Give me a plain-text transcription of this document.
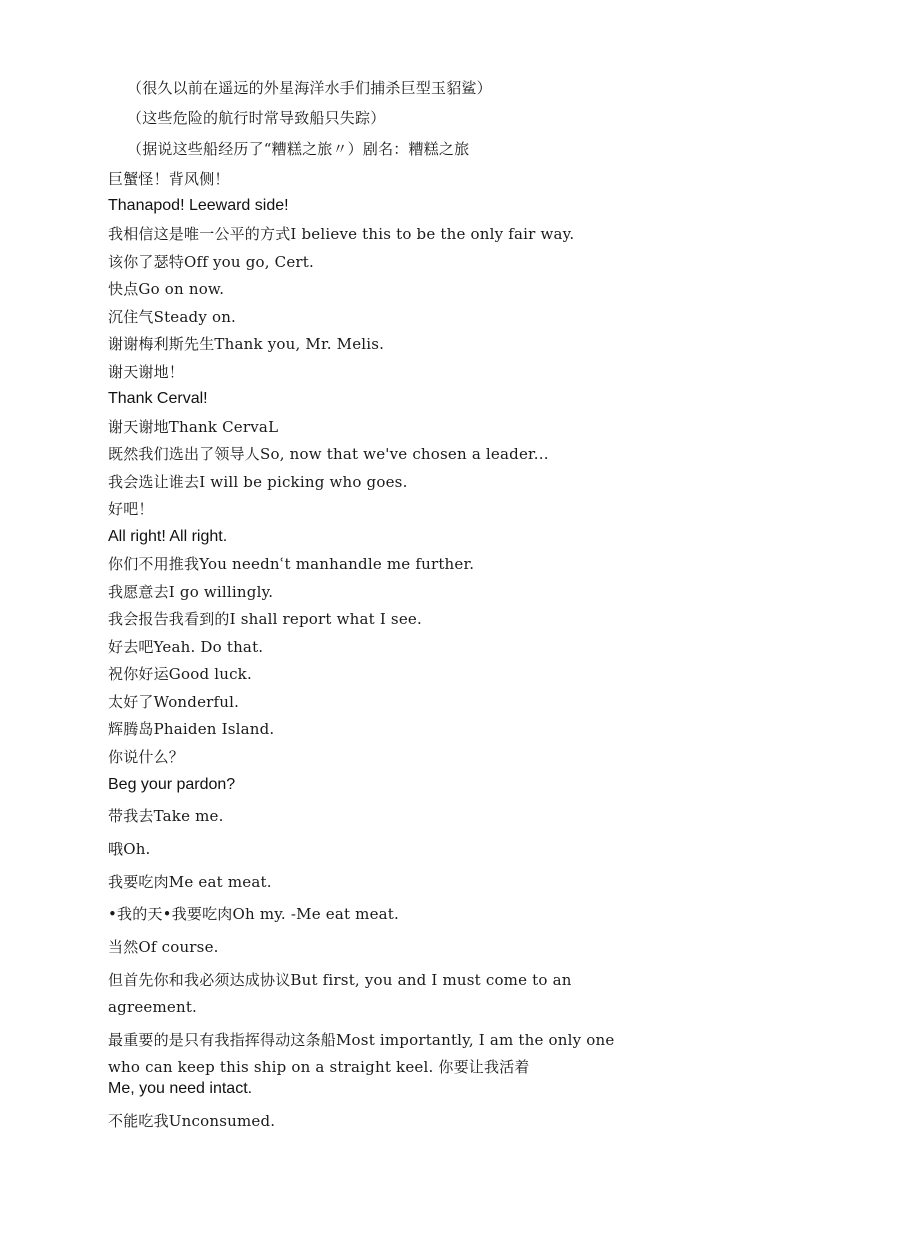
（很久以前在遥远的外星海洋水手们捕杀巨型玉貂鲨）
（这些危险的航行时常导致船只失踪）
（据说这些船经历了“糟糕之旅〃）剧名：糟糕之旅
巨蟹怪！背风侧！
Thanapod! Leeward side!
我相信这是唯一公平的方式I believe this to be the only fair way.
该你了瑟特Off you go, Cert.
快点Go on now.
沉住气Steady on.
谢谢梅利斯先生Thank you, Mr. Melis.
谢天谢地！
Thank Cerval!
谢天谢地Thank CervaL
既然我们选出了领导人So, now that we've chosen a leader...
我会选让谁去I will be picking who goes.
好吧！
All right! All right.
你们不用推我You neednʿt manhandle me further.
我愿意去I go willingly.
我会报告我看到的I shall report what I see.
好去吧Yeah. Do that.
祝你好运Good luck.
太好了Wonderful.
辉腾岛Phaiden Island.
你说什么？
Beg your pardon?
带我去Take me.
哦Oh.
我要吃肉Me eat meat.
•我的天•我要吃肉Oh my. -Me eat meat.
当然Of course.
但首先你和我必须达成协议But first, you and I must come to an
agreement.
最重要的是只有我指挥得动这条船Most importantly, I am the only one
who can keep this ship on a straight keel. 你要让我活着
Me, you need intact.
不能吃我Unconsumed.
